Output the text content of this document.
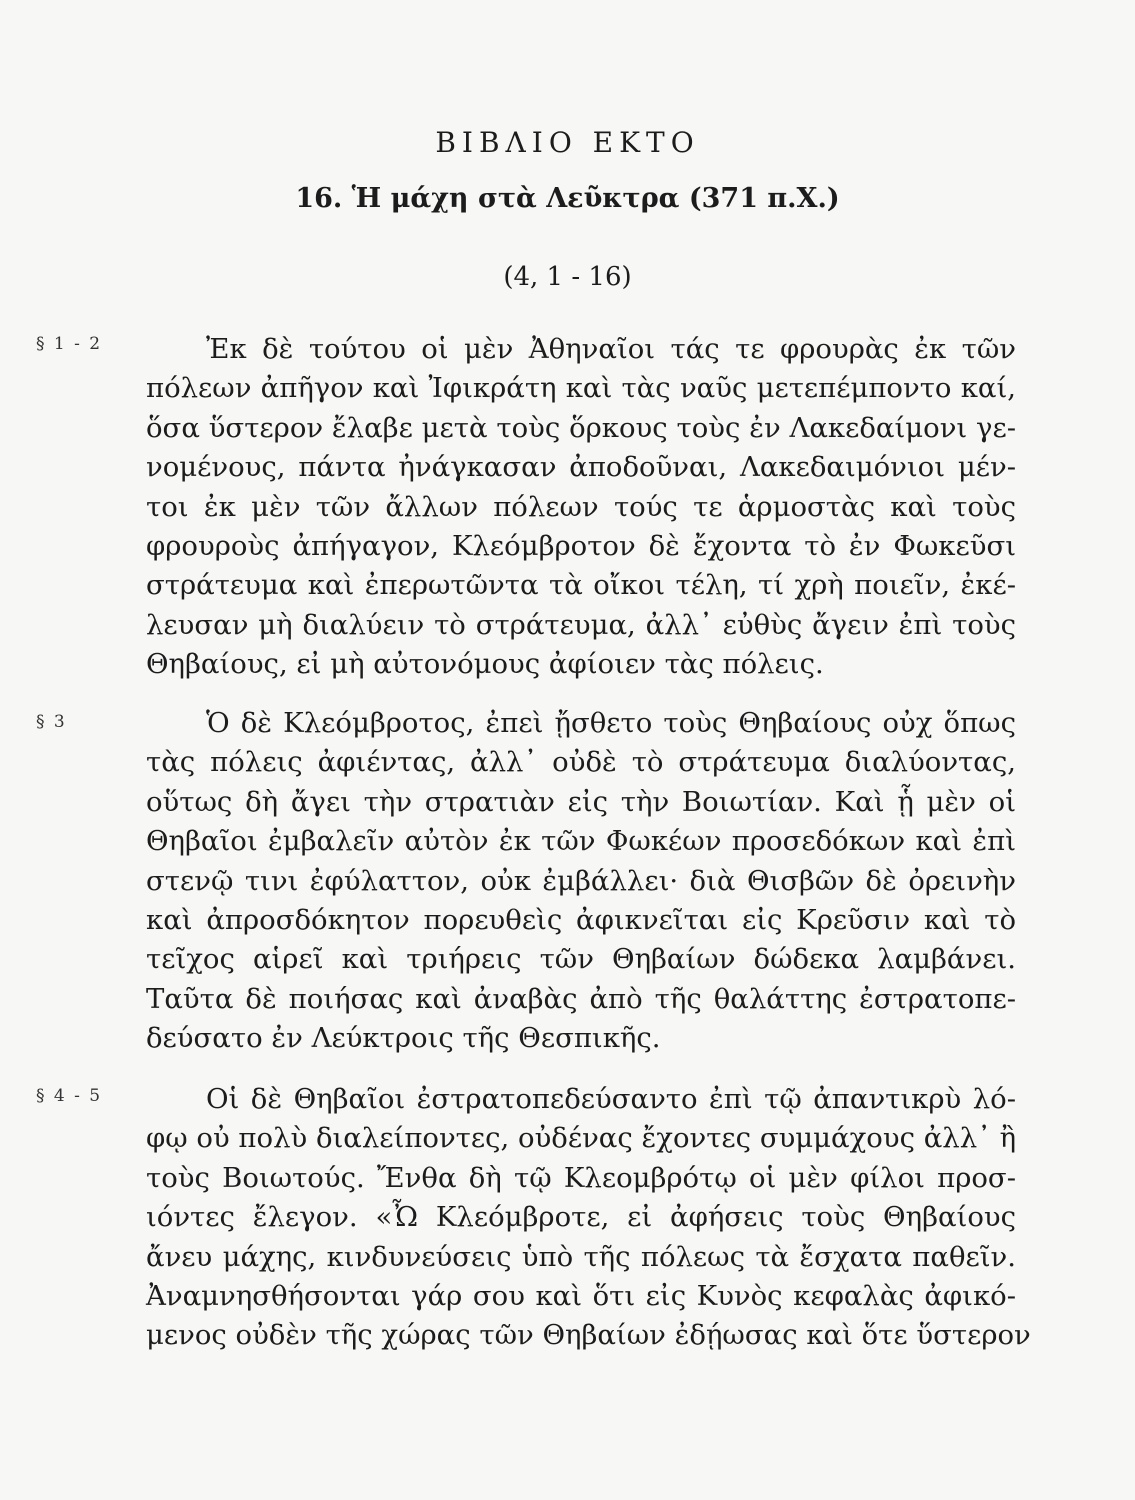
ΒΙΒΛΙΟ ΕΚΤΟ
16. Ἡ μάχη στὰ Λεῦκτρα (371 π.Χ.)
(4, 1 - 16)
§ 1 - 2
§ 3
§ 4 - 5
Ἐκ δὲ τούτου οἱ μὲν Ἀθηναῖοι τάς τε φρουρὰς ἐκ τῶν
πόλεων ἀπῆγον καὶ Ἰφικράτη καὶ τὰς ναῦς μετεπέμποντο καί,
ὅσα ὕστερον ἔλαβε μετὰ τοὺς ὅρκους τοὺς ἐν Λακεδαίμονι γε-
νομένους, πάντα ἠνάγκασαν ἀποδοῦναι, Λακεδαιμόνιοι μέν-
τοι ἐκ μὲν τῶν ἄλλων πόλεων τούς τε ἁρμοστὰς καὶ τοὺς
φρουροὺς ἀπήγαγον, Κλεόμβροτον δὲ ἔχοντα τὸ ἐν Φωκεῦσι
στράτευμα καὶ ἐπερωτῶντα τὰ οἴκοι τέλη, τί χρὴ ποιεῖν, ἐκέ-
λευσαν μὴ διαλύειν τὸ στράτευμα, ἀλλ᾽ εὐθὺς ἄγειν ἐπὶ τοὺς
Θηβαίους, εἰ μὴ αὐτονόμους ἀφίοιεν τὰς πόλεις.
Ὁ δὲ Κλεόμβροτος, ἐπεὶ ᾔσθετο τοὺς Θηβαίους οὐχ ὅπως
τὰς πόλεις ἀφιέντας, ἀλλ᾽ οὐδὲ τὸ στράτευμα διαλύοντας,
οὕτως δὴ ἄγει τὴν στρατιὰν εἰς τὴν Βοιωτίαν. Καὶ ᾗ μὲν οἱ
Θηβαῖοι ἐμβαλεῖν αὐτὸν ἐκ τῶν Φωκέων προσεδόκων καὶ ἐπὶ
στενῷ τινι ἐφύλαττον, οὐκ ἐμβάλλει· διὰ Θισβῶν δὲ ὀρεινὴν
καὶ ἀπροσδόκητον πορευθεὶς ἀφικνεῖται εἰς Κρεῦσιν καὶ τὸ
τεῖχος αἱρεῖ καὶ τριήρεις τῶν Θηβαίων δώδεκα λαμβάνει.
Ταῦτα δὲ ποιήσας καὶ ἀναβὰς ἀπὸ τῆς θαλάττης ἐστρατοπε-
δεύσατο ἐν Λεύκτροις τῆς Θεσπικῆς.
Οἱ δὲ Θηβαῖοι ἐστρατοπεδεύσαντο ἐπὶ τῷ ἀπαντικρὺ λό-
φῳ οὐ πολὺ διαλείποντες, οὐδένας ἔχοντες συμμάχους ἀλλ᾽ ἢ
τοὺς Βοιωτούς. Ἔνθα δὴ τῷ Κλεομβρότῳ οἱ μὲν φίλοι προσ-
ιόντες ἔλεγον. «Ὦ Κλεόμβροτε, εἰ ἀφήσεις τοὺς Θηβαίους
ἄνευ μάχης, κινδυνεύσεις ὑπὸ τῆς πόλεως τὰ ἔσχατα παθεῖν.
Ἀναμνησθήσονται γάρ σου καὶ ὅτι εἰς Κυνὸς κεφαλὰς ἀφικό-
μενος οὐδὲν τῆς χώρας τῶν Θηβαίων ἐδῄωσας καὶ ὅτε ὕστερον
